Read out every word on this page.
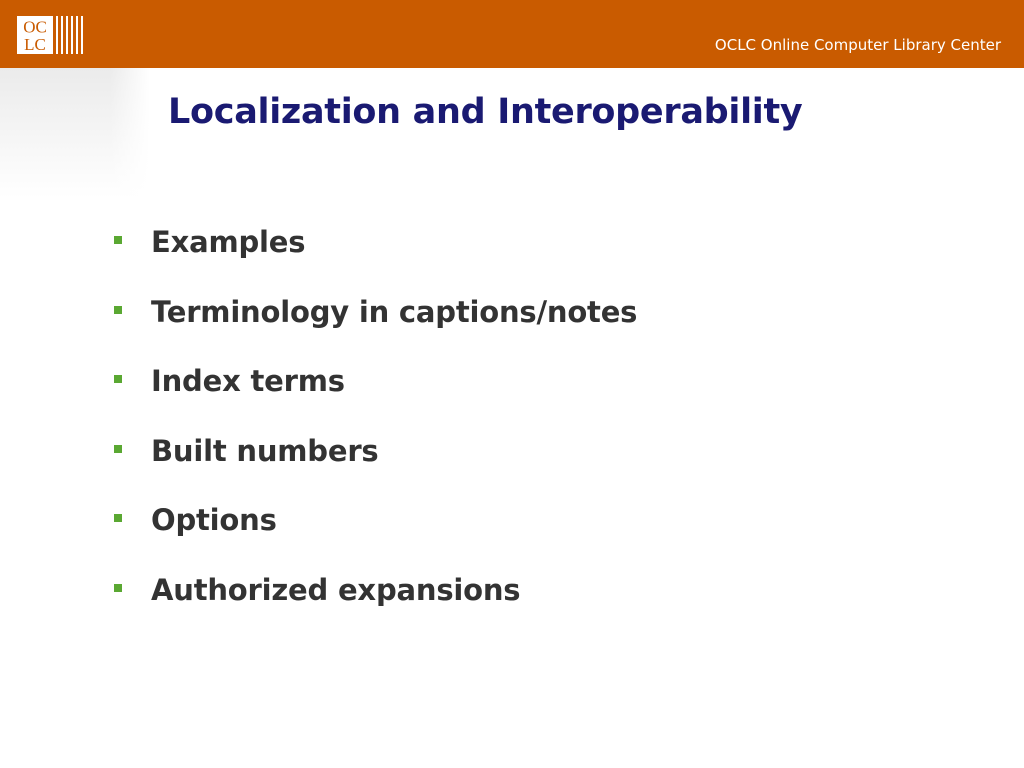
OC
LC	OCLC Online Computer Library Center
Localization and Interoperability
Examples
Terminology in captions/notes
Index terms
Built numbers
Options
Authorized expansions
